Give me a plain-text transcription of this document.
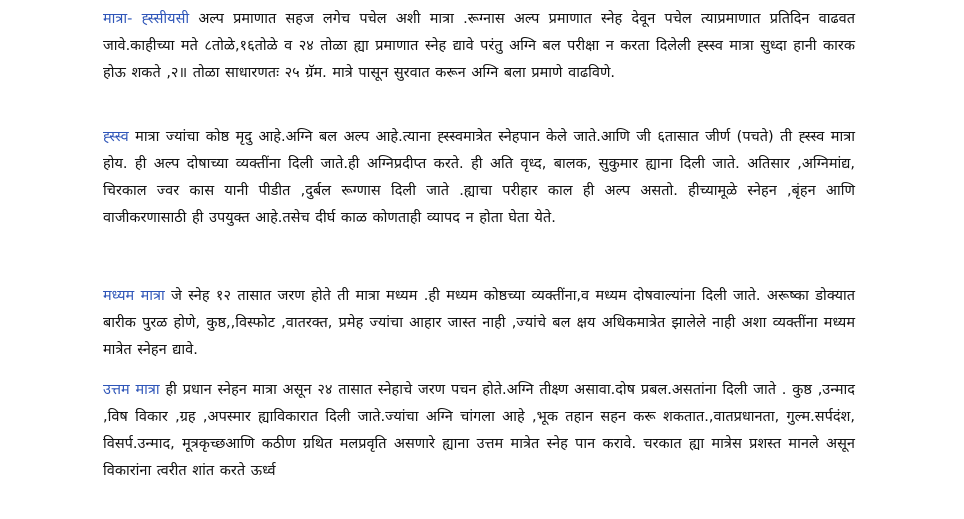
मात्रा- ह्स्सीयसी अल्प प्रमाणात सहज लगेच पचेल अशी मात्रा .रूग्नास अल्प प्रमाणात स्नेह देवून पचेल त्याप्रमाणात प्रतिदिन वाढवत जावे.काहीच्या मते ८तोळे,१६तोळे व २४ तोळा ह्या प्रमाणात स्नेह द्यावे परंतु अग्नि बल परीक्षा न करता दिलेली ह्स्स्व मात्रा सुध्दा हानी कारक होऊ शकते ,२॥ तोळा साधारणतः २५ ग्रॅम. मात्रे पासून सुरवात करून अग्नि बला प्रमाणे वाढविणे.

ह्स्स्व मात्रा ज्यांचा कोष्ठ मृदु आहे.अग्नि बल अल्प आहे.त्याना ह्स्स्वमात्रेत स्नेहपान केले जाते.आणि जी ६तासात जीर्ण (पचते) ती ह्स्स्व मात्रा होय. ही अल्प दोषाच्या व्यक्तींना दिली जाते.ही अग्निप्रदीप्त करते. ही अति वृध्द, बालक, सुकुमार ह्याना दिली जाते. अतिसार ,अग्निमांद्य, चिरकाल ज्वर कास यानी पीडीत ,दुर्बल रूग्णास दिली जाते .ह्याचा परीहार काल ही अल्प असतो. हीच्यामूळे स्नेहन ,बृंहन आणि वाजीकरणासाठी ही उपयुक्त आहे.तसेच दीर्घ काळ कोणताही व्यापद न होता घेता येते.

मध्यम मात्रा जे स्नेह १२ तासात जरण होते ती मात्रा मध्यम .ही मध्यम कोष्ठच्या व्यक्तींना,व मध्यम दोषवाल्यांना दिली जाते. अरूष्का डोक्यात बारीक पुरळ होणे, कुष्ठ,,विस्फोट ,वातरक्त, प्रमेह ज्यांचा आहार जास्त नाही ,ज्यांचे बल क्षय अधिकमात्रेत झालेले नाही अशा व्यक्तींना मध्यम मात्रेत स्नेहन द्यावे.

उत्तम मात्रा ही प्रधान स्नेहन मात्रा असून २४ तासात स्नेहाचे जरण पचन होते.अग्नि तीक्ष्ण असावा.दोष प्रबल.असतांना दिली जाते . कुष्ठ ,उन्माद ,विष विकार ,ग्रह ,अपस्मार ह्याविकारात दिली जाते.ज्यांचा अग्नि चांगला आहे ,भूक तहान सहन करू शकतात.,वातप्रधानता, गुल्म.सर्पदंश, विसर्प.उन्माद, मूत्रकृच्छआणि कठीण ग्रथित मलप्रवृति असणारे ह्याना उत्तम मात्रेत स्नेह पान करावे. चरकात ह्या मात्रेस प्रशस्त मानले असून विकारांना त्वरीत शांत करते ऊर्ध्व
